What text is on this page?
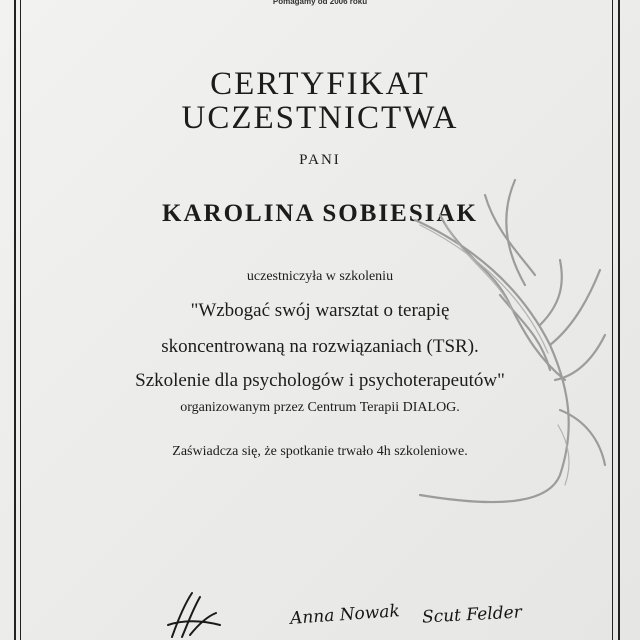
Pomagamy od 2006 roku
CERTYFIKAT
UCZESTNICTWA
PANI
KAROLINA SOBIESIAK
uczestniczyła w szkoleniu
"Wzbogać swój warsztat o terapię
skoncentrowaną na rozwiązaniach (TSR).
Szkolenie dla psychologów i psychoterapeutów"
organizowanym przez Centrum Terapii DIALOG.
Zaświadcza się, że spotkanie trwało 4h szkoleniowe.
Anna Nowak Scut Felder
